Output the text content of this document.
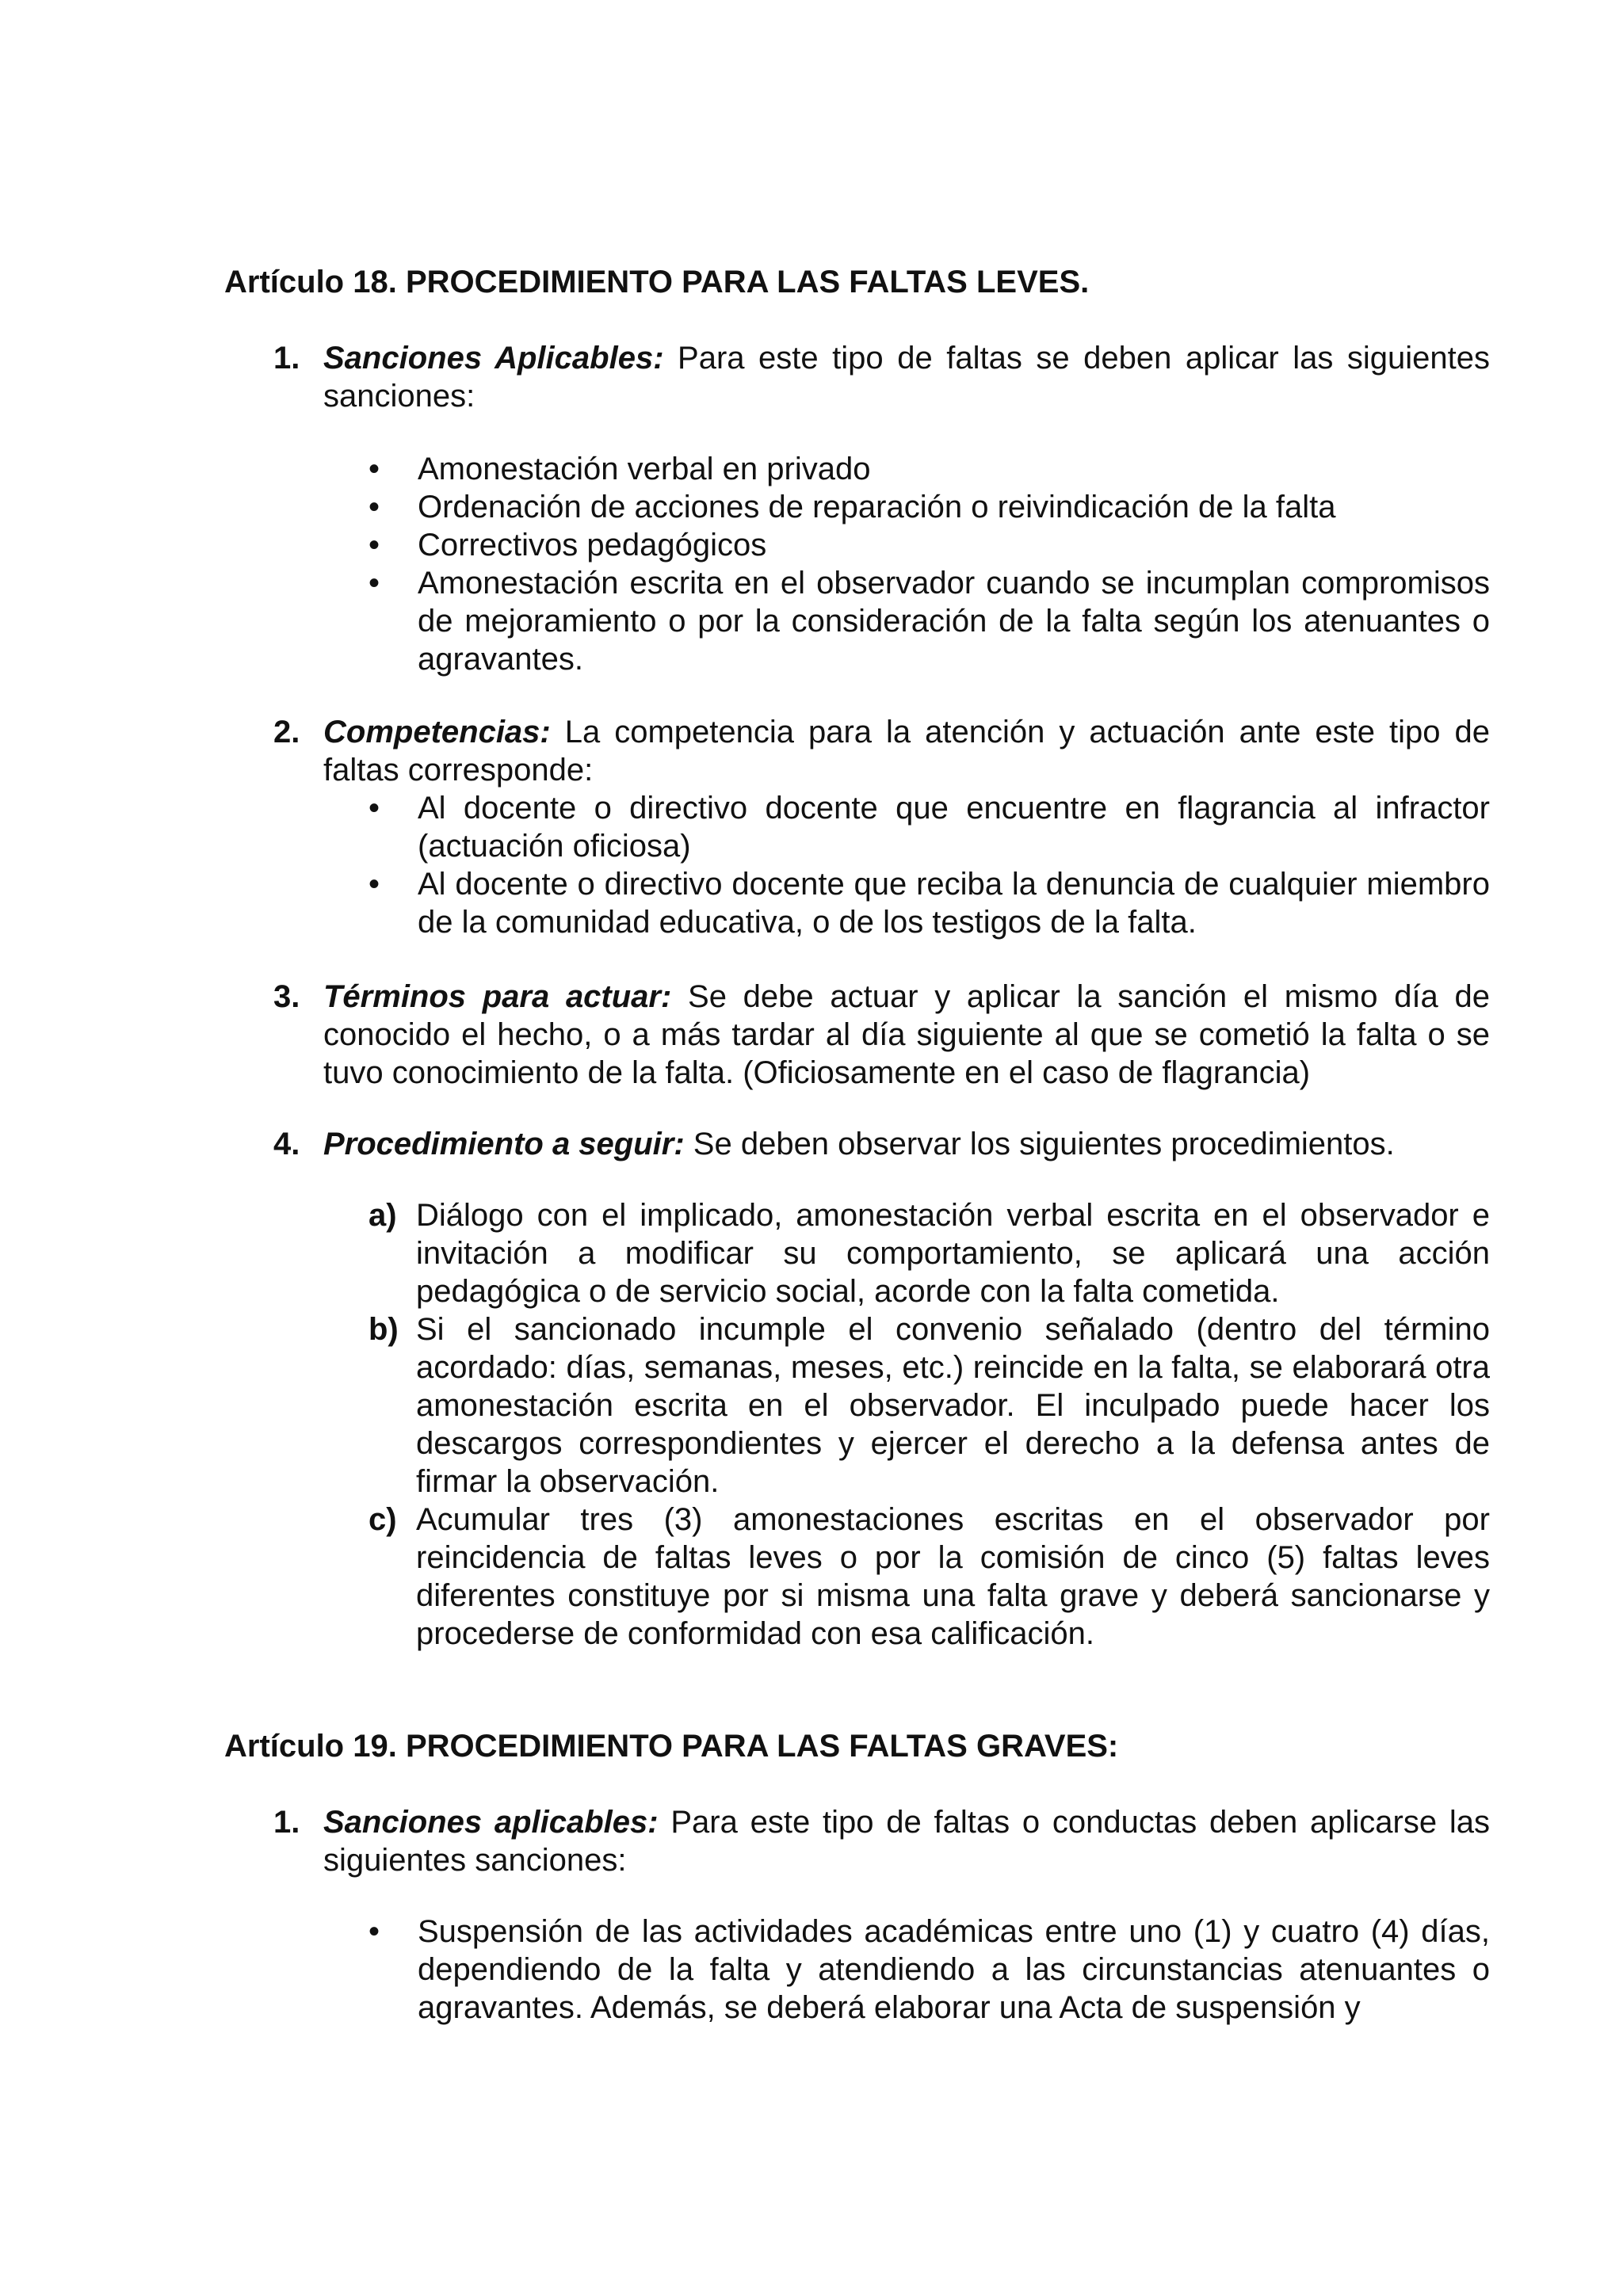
Artículo 18. PROCEDIMIENTO PARA LAS FALTAS LEVES.
1. Sanciones Aplicables: Para este tipo de faltas se deben aplicar las siguientes sanciones:
• Amonestación verbal en privado
• Ordenación de acciones de reparación o reivindicación de la falta
• Correctivos pedagógicos
• Amonestación escrita en el observador cuando se incumplan compromisos de mejoramiento o por la consideración de la falta según los atenuantes o agravantes.
2. Competencias: La competencia para la atención y actuación ante este tipo de faltas corresponde:
• Al docente o directivo docente que encuentre en flagrancia al infractor (actuación oficiosa)
• Al docente o directivo docente que reciba la denuncia de cualquier miembro de la comunidad educativa, o de los testigos de la falta.
3. Términos para actuar: Se debe actuar y aplicar la sanción el mismo día de conocido el hecho, o a más tardar al día siguiente al que se cometió la falta o se tuvo conocimiento de la falta. (Oficiosamente en el caso de flagrancia)
4. Procedimiento a seguir: Se deben observar los siguientes procedimientos.
a) Diálogo con el implicado, amonestación verbal escrita en el observador e invitación a modificar su comportamiento, se aplicará una acción pedagógica o de servicio social, acorde con la falta cometida.
b) Si el sancionado incumple el convenio señalado (dentro del término acordado: días, semanas, meses, etc.) reincide en la falta, se elaborará otra amonestación escrita en el observador. El inculpado puede hacer los descargos correspondientes y ejercer el derecho a la defensa antes de firmar la observación.
c) Acumular tres (3) amonestaciones escritas en el observador por reincidencia de faltas leves o por la comisión de cinco (5) faltas leves diferentes constituye por si misma una falta grave y deberá sancionarse y procederse de conformidad con esa calificación.
Artículo 19. PROCEDIMIENTO PARA LAS FALTAS GRAVES:
1. Sanciones aplicables: Para este tipo de faltas o conductas deben aplicarse las siguientes sanciones:
• Suspensión de las actividades académicas entre uno (1) y cuatro (4) días, dependiendo de la falta y atendiendo a las circunstancias atenuantes o agravantes. Además, se deberá elaborar una Acta de suspensión y
